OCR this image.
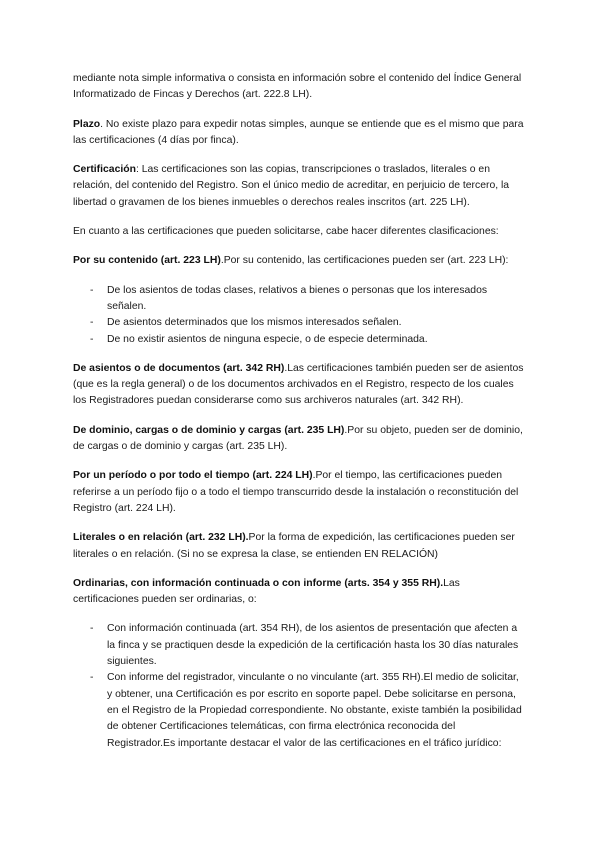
mediante nota simple informativa o consista en información sobre el contenido del Índice General Informatizado de Fincas y Derechos (art. 222.8 LH).

Plazo. No existe plazo para expedir notas simples, aunque se entiende que es el mismo que para las certificaciones (4 días por finca).

Certificación: Las certificaciones son las copias, transcripciones o traslados, literales o en relación, del contenido del Registro. Son el único medio de acreditar, en perjuicio de tercero, la libertad o gravamen de los bienes inmuebles o derechos reales inscritos (art. 225 LH).

En cuanto a las certificaciones que pueden solicitarse, cabe hacer diferentes clasificaciones:

Por su contenido (art. 223 LH).Por su contenido, las certificaciones pueden ser (art. 223 LH):

- De los asientos de todas clases, relativos a bienes o personas que los interesados señalen.
- De asientos determinados que los mismos interesados señalen.
- De no existir asientos de ninguna especie, o de especie determinada.

De asientos o de documentos (art. 342 RH).Las certificaciones también pueden ser de asientos (que es la regla general) o de los documentos archivados en el Registro, respecto de los cuales los Registradores puedan considerarse como sus archiveros naturales (art. 342 RH).

De dominio, cargas o de dominio y cargas (art. 235 LH).Por su objeto, pueden ser de dominio, de cargas o de dominio y cargas (art. 235 LH).

Por un período o por todo el tiempo (art. 224 LH).Por el tiempo, las certificaciones pueden referirse a un período fijo o a todo el tiempo transcurrido desde la instalación o reconstitución del Registro (art. 224 LH).

Literales o en relación (art. 232 LH).Por la forma de expedición, las certificaciones pueden ser literales o en relación. (Si no se expresa la clase, se entienden EN RELACIÓN)

Ordinarias, con información continuada o con informe (arts. 354 y 355 RH).Las certificaciones pueden ser ordinarias, o:

- Con información continuada (art. 354 RH), de los asientos de presentación que afecten a la finca y se practiquen desde la expedición de la certificación hasta los 30 días naturales siguientes.
- Con informe del registrador, vinculante o no vinculante (art. 355 RH).El medio de solicitar, y obtener, una Certificación es por escrito en soporte papel. Debe solicitarse en persona, en el Registro de la Propiedad correspondiente. No obstante, existe también la posibilidad de obtener Certificaciones telemáticas, con firma electrónica reconocida del Registrador.Es importante destacar el valor de las certificaciones en el tráfico jurídico:
